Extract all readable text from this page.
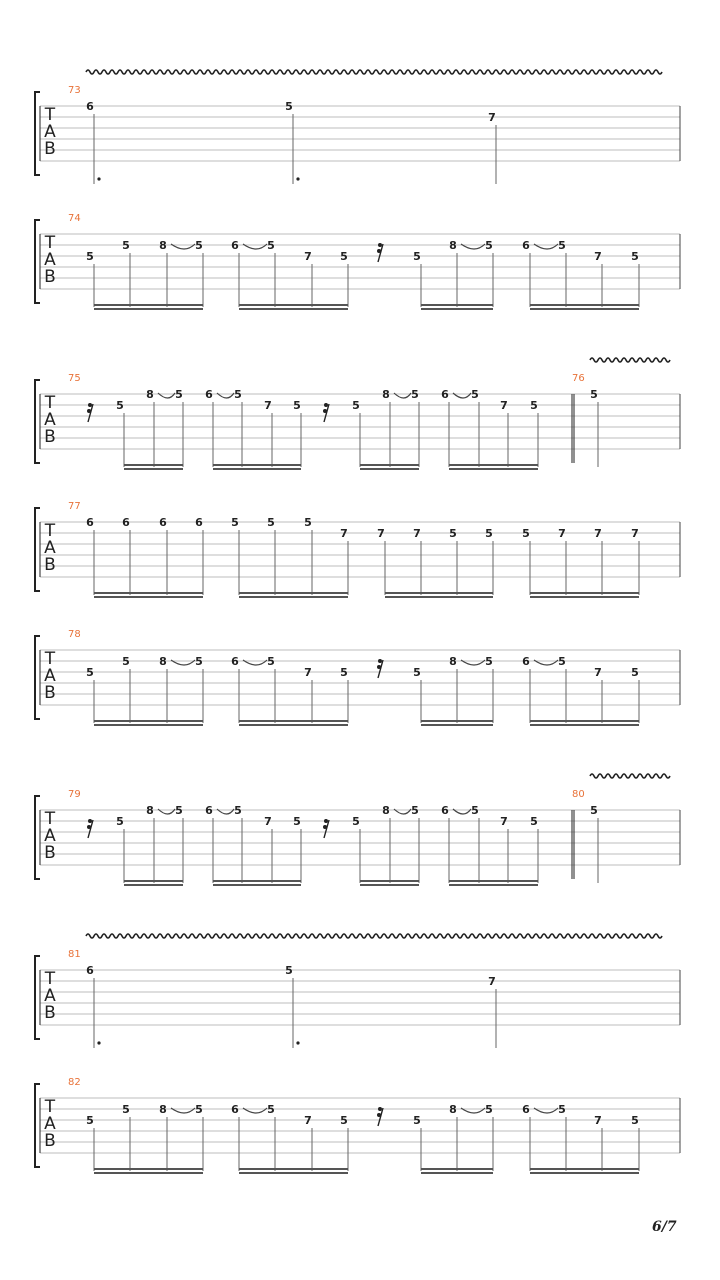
T
A
B
73
6	5
7
T
A
B
74
5
5	8	5	6	5
7	5	5
8	5	6	5
7	5
T
A
B
75
5
8 5 6 5
7 5	5
8 5 6 5
7 5
76
5
T
A
B
77
6	6	6	6	5	5	5
7	7	7	5	5	5	7	7	7
T
A
B
78
5
5	8	5	6	5
7	5	5
8	5	6	5
7	5
T
A
B
79
5
8 5 6 5
7 5	5
8 5 6 5
7 5
80
5
T
A
B
81
6	5
7
T
A
B
82
5
5	8	5	6	5
7	5	5
8	5	6	5
7	5
6/7
